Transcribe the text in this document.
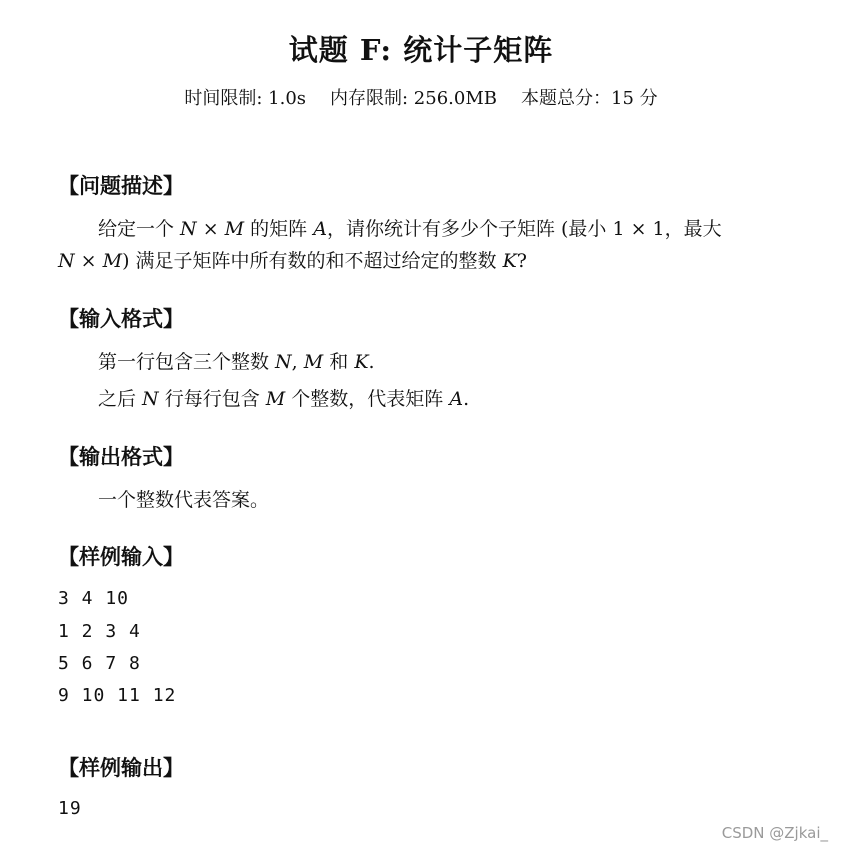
试题 F: 统计子矩阵
时间限制: 1.0s 内存限制: 256.0MB 本题总分：15 分
【问题描述】
给定一个 N × M 的矩阵 A，请你统计有多少个子矩阵 (最小 1 × 1，最大
N × M) 满足子矩阵中所有数的和不超过给定的整数 K?
【输入格式】
第一行包含三个整数 N, M 和 K.
之后 N 行每行包含 M 个整数，代表矩阵 A.
【输出格式】
一个整数代表答案。
【样例输入】
3 4 10
1 2 3 4
5 6 7 8
9 10 11 12
【样例输出】
19
CSDN @Zjkai_
